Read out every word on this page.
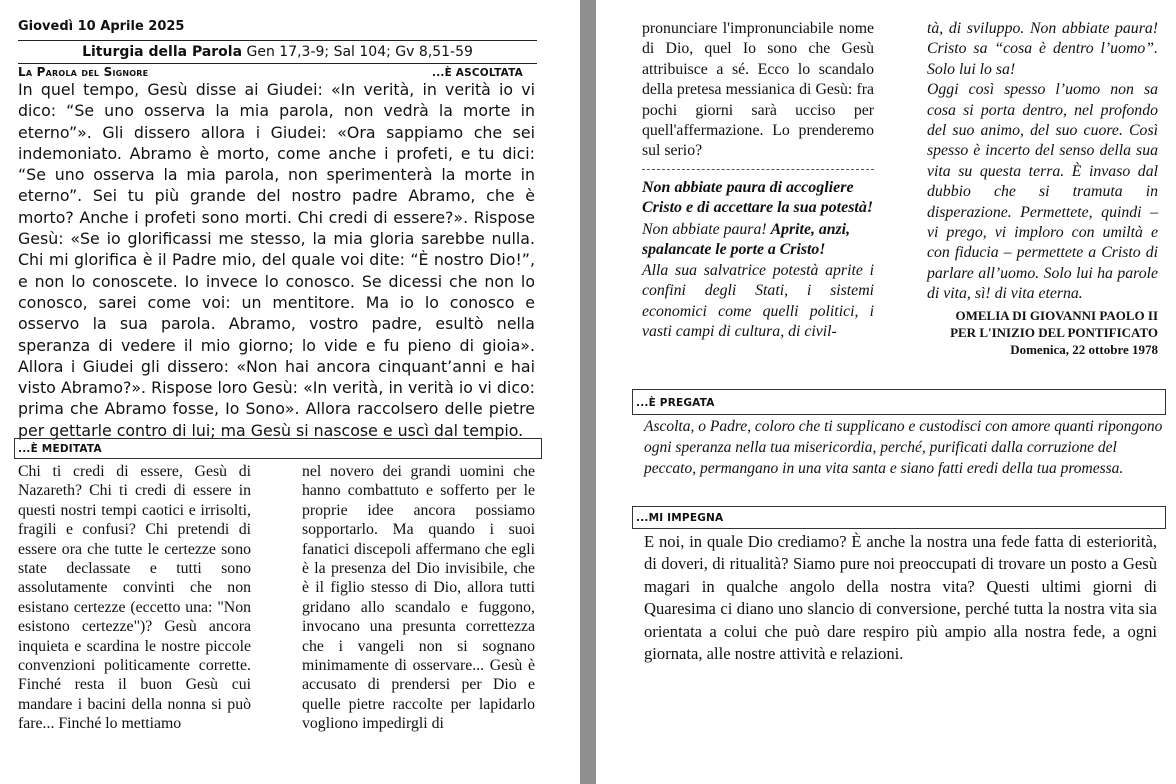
Giovedì 10 Aprile 2025
Liturgia della Parola Gen 17,3-9; Sal 104; Gv 8,51-59
La Parola del Signore	...È ASCOLTATA
In quel tempo, Gesù disse ai Giudei: «In verità, in verità io vi dico: “Se uno osserva la mia parola, non vedrà la morte in eterno”». Gli dissero allora i Giudei: «Ora sappiamo che sei indemoniato. Abramo è morto, come anche i profeti, e tu dici: “Se uno osserva la mia parola, non sperimenterà la morte in eterno”. Sei tu più grande del nostro padre Abramo, che è morto? Anche i profeti sono morti. Chi credi di essere?». Rispose Gesù: «Se io glorificassi me stesso, la mia gloria sarebbe nulla. Chi mi glorifica è il Padre mio, del quale voi dite: “È nostro Dio!”, e non lo conoscete. Io invece lo conosco. Se dicessi che non lo conosco, sarei come voi: un mentitore. Ma io lo conosco e osservo la sua parola. Abramo, vostro padre, esultò nella speranza di vedere il mio giorno; lo vide e fu pieno di gioia». Allora i Giudei gli dissero: «Non hai ancora cinquant’anni e hai visto Abramo?». Rispose loro Gesù: «In verità, in verità io vi dico: prima che Abramo fosse, Io Sono». Allora raccolsero delle pietre per gettarle contro di lui; ma Gesù si nascose e uscì dal tempio.
...È MEDITATA
Chi ti credi di essere, Gesù di Nazareth? Chi ti credi di essere in questi nostri tempi caotici e irrisolti, fragili e confusi? Chi pretendi di essere ora che tutte le certezze sono state declassate e tutti sono assolutamente convinti che non esistano certezze (eccetto una: "Non esistono certezze")? Gesù ancora inquieta e scardina le nostre piccole convenzioni politicamente corrette. Finché resta il buon Gesù cui mandare i bacini della nonna si può fare... Finché lo mettiamo
nel novero dei grandi uomini che hanno combattuto e sofferto per le proprie idee ancora possiamo sopportarlo. Ma quando i suoi fanatici discepoli affermano che egli è la presenza del Dio invisibile, che è il figlio stesso di Dio, allora tutti gridano allo scandalo e fuggono, invocano una presunta correttezza che i vangeli non si sognano minimamente di osservare... Gesù è accusato di prendersi per Dio e quelle pietre raccolte per lapidarlo vogliono impedirgli di
pronunciare l'impronunciabile nome di Dio, quel Io sono che Gesù attribuisce a sé. Ecco lo scandalo della pretesa messianica di Gesù: fra pochi giorni sarà ucciso per quell'affermazione. Lo prenderemo sul serio?
Non abbiate paura di accogliere Cristo e di accettare la sua potestà!
Non abbiate paura! Aprite, anzi, spalancate le porte a Cristo!
Alla sua salvatrice potestà aprite i confini degli Stati, i sistemi economici come quelli politici, i vasti campi di cultura, di civil-
tà, di sviluppo. Non abbiate paura! Cristo sa “cosa è dentro l’uomo”. Solo lui lo sa!
Oggi così spesso l’uomo non sa cosa si porta dentro, nel profondo del suo animo, del suo cuore. Così spesso è incerto del senso della sua vita su questa terra. È invaso dal dubbio che si tramuta in disperazione. Permettete, quindi – vi prego, vi imploro con umiltà e con fiducia – permettete a Cristo di parlare all’uomo. Solo lui ha parole di vita, sì! di vita eterna.
OMELIA DI GIOVANNI PAOLO II
PER L'INIZIO DEL PONTIFICATO
Domenica, 22 ottobre 1978
...È PREGATA
Ascolta, o Padre, coloro che ti supplicano e custodisci con amore quanti ripongono ogni speranza nella tua misericordia, perché, purificati dalla corruzione del peccato, permangano in una vita santa e siano fatti eredi della tua promessa.
...MI IMPEGNA
E noi, in quale Dio crediamo? È anche la nostra una fede fatta di esteriorità, di doveri, di ritualità? Siamo pure noi preoccupati di trovare un posto a Gesù magari in qualche angolo della nostra vita? Questi ultimi giorni di Quaresima ci diano uno slancio di conversione, perché tutta la nostra vita sia orientata a colui che può dare respiro più ampio alla nostra fede, a ogni giornata, alle nostre attività e relazioni.
